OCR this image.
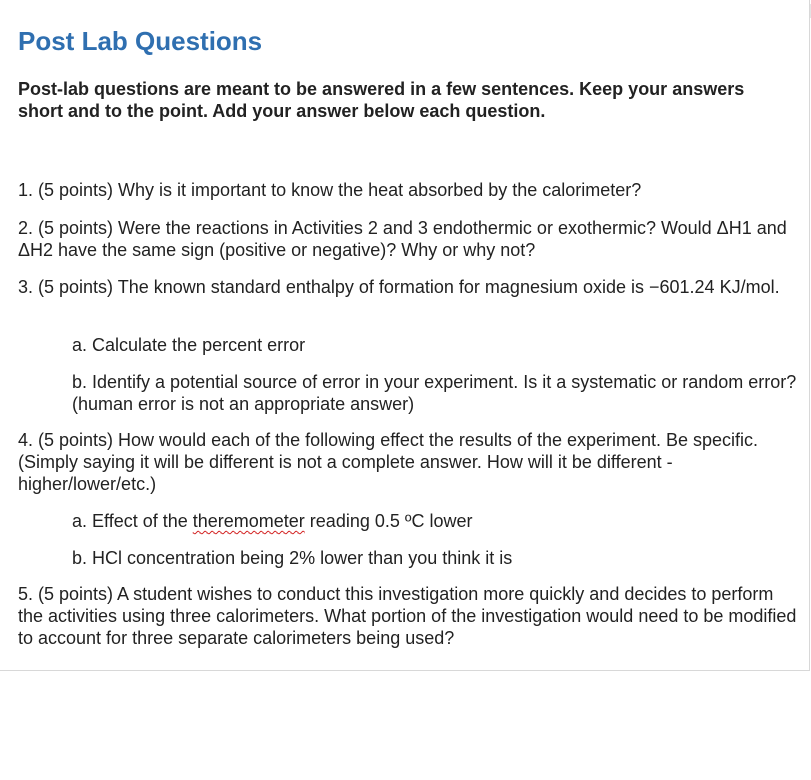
Post Lab Questions

Post-lab questions are meant to be answered in a few sentences. Keep your answers short and to the point. Add your answer below each question.

1. (5 points) Why is it important to know the heat absorbed by the calorimeter?

2. (5 points) Were the reactions in Activities 2 and 3 endothermic or exothermic? Would ΔH1 and ΔH2 have the same sign (positive or negative)? Why or why not?

3. (5 points) The known standard enthalpy of formation for magnesium oxide is −601.24 KJ/mol.

a. Calculate the percent error

b. Identify a potential source of error in your experiment. Is it a systematic or random error? (human error is not an appropriate answer)

4. (5 points) How would each of the following effect the results of the experiment. Be specific. (Simply saying it will be different is not a complete answer. How will it be different - higher/lower/etc.)

a. Effect of the theremometer reading 0.5 ºC lower

b. HCl concentration being 2% lower than you think it is

5. (5 points) A student wishes to conduct this investigation more quickly and decides to perform the activities using three calorimeters. What portion of the investigation would need to be modified to account for three separate calorimeters being used?
